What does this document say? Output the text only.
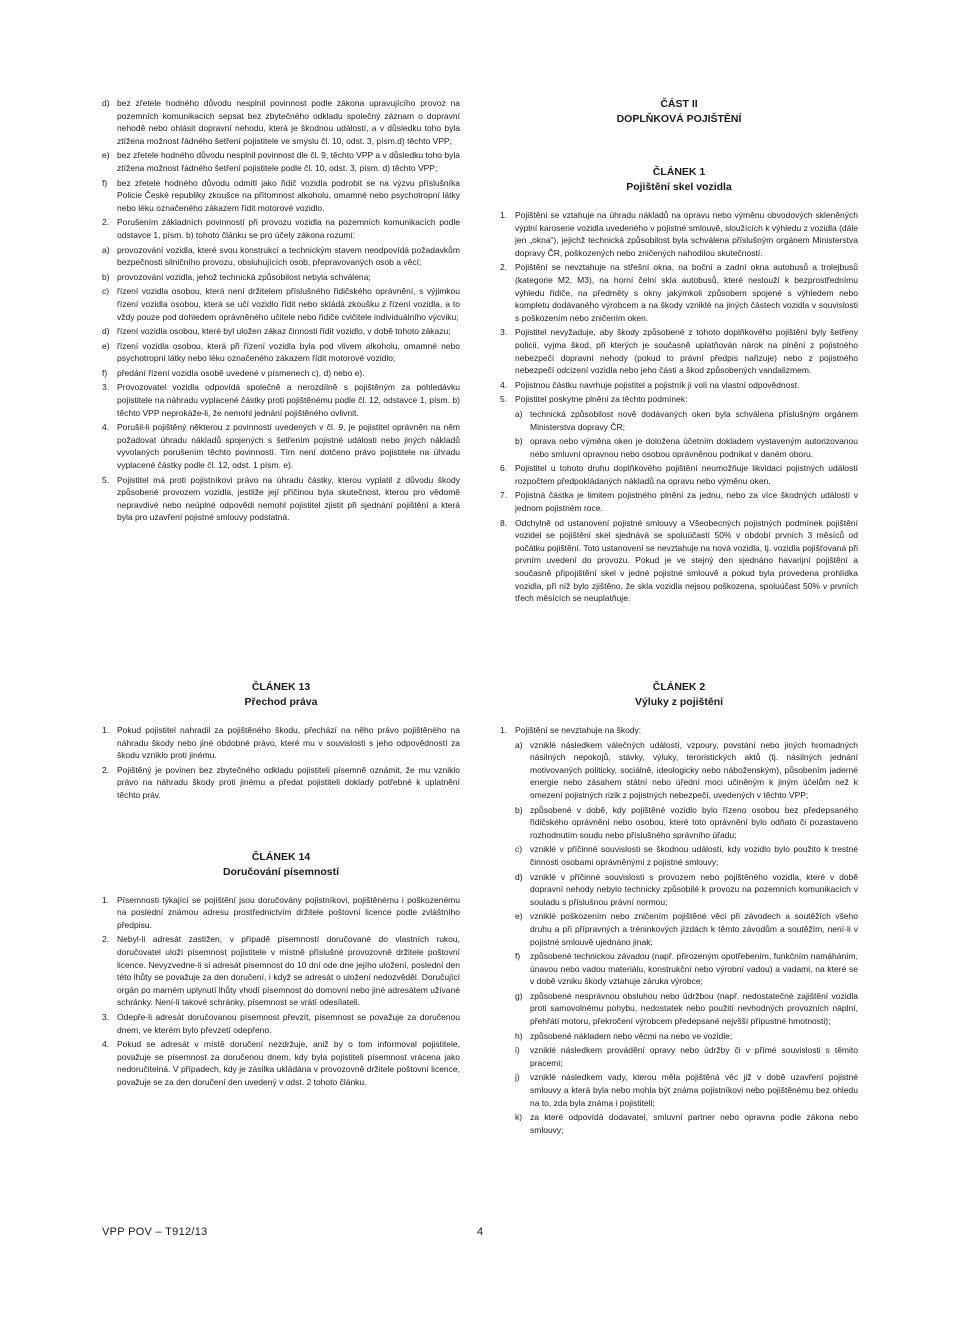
d) bez zřetele hodného důvodu nesplnil povinnost podle zákona upravujícího provoz na pozemních komunikacích sepsat bez zbytečného odkladu společný záznam o dopravní nehodě nebo ohlásit dopravní nehodu, která je škodnou událostí, a v důsledku toho byla ztížena možnost řádného šetření pojistitele ve smyslu čl. 10, odst. 3, písm.d) těchto VPP;
e) bez zřetele hodného důvodu nesplnil povinnost dle čl. 9, těchto VPP a v důsledku toho byla ztížena možnost řádného šetření pojistitele podle čl. 10, odst. 3, písm. d) těchto VPP;
f) bez zřetele hodného důvodu odmítl jako řidič vozidla podrobit se na výzvu příslušníka Policie České republiky zkoušce na přítomnost alkoholu, omamné nebo psychotropní látky nebo léku označeného zákazem řídit motorové vozidlo.
2. Porušením základních povinností při provozu vozidla na pozemních komunikacích podle odstavce 1, písm. b) tohoto článku se pro účely zákona rozumí:
a) provozování vozidla, které svou konstrukcí a technickým stavem neodpovídá požadavkům bezpečnosti silničního provozu, obsluhujících osob, přepravovaných osob a věcí;
b) provozování vozidla, jehož technická způsobilost nebyla schválena;
c) řízení vozidla osobou, která není držitelem příslušného řidičského oprávnění, s výjimkou řízení vozidla osobou, která se učí vozidlo řídit nebo skládá zkoušku z řízení vozidla, a to vždy pouze pod dohledem oprávněného učitele nebo řidiče cvičitele individuálního výcviku;
d) řízení vozidla osobou, které byl uložen zákaz činnosti řídit vozidlo, v době tohoto zákazu;
e) řízení vozidla osobou, která při řízení vozidla byla pod vlivem alkoholu, omamné nebo psychotropní látky nebo léku označeného zákazem řídit motorové vozidlo;
f) předání řízení vozidla osobě uvedené v písmenech c), d) nebo e).
3. Provozovatel vozidla odpovídá společně a nerozdílně s pojištěným za pohledávku pojistitele na náhradu vyplacené částky proti pojištěnému podle čl. 12, odstavce 1, písm. b) těchto VPP neprokáže-li, že nemohl jednání pojištěného ovlivnit.
4. Porušil-li pojištěný některou z povinností uvedených v čl. 9, je pojistitel oprávněn na něm požadovat úhradu nákladů spojených s šetřením pojistné události nebo jiných nákladů vyvolaných porušením těchto povinností. Tím není dotčeno právo pojistitele na úhradu vyplacené částky podle čl. 12, odst. 1 písm. e).
5. Pojistitel má proti pojistníkovi právo na úhradu částky, kterou vyplatil z důvodu škody způsobené provozem vozidla, jestliže její příčinou byla skutečnost, kterou pro vědomě nepravdivé nebo neúplné odpovědi nemohl pojistitel zjistit při sjednání pojištění a která byla pro uzavření pojistné smlouvy podstatná.

ČÁST II

DOPLŇKOVÁ POJIŠTĚNÍ

ČLÁNEK 1

Pojištění skel vozidla

1. Pojištění se vztahuje na úhradu nákladů na opravu nebo výměnu obvodových skleněných výplní karoserie vozidla uvedeného v pojistné smlouvě, sloužících k výhledu z vozidla (dále jen „okna“), jejichž technická způsobilost byla schválena příslušným orgánem Ministerstva dopravy ČR, poškozených nebo zničených nahodilou skutečností.
2. Pojištění se nevztahuje na střešní okna, na boční a zadní okna autobusů a trolejbusů (kategorie M2, M3), na horní čelní skla autobusů, které neslouží k bezprostřednímu výhledu řidiče, na předměty s okny jakýmkoli způsobem spojené s výhledem nebo kompletu dodávaného výrobcem a na škody vzniklé na jiných částech vozidla v souvislosti s poškozením nebo zničením oken.
3. Pojistitel nevyžaduje, aby škody způsobené z tohoto doplňkového pojištění byly šetřeny policií, vyjma škod, při kterých je současně uplatňován nárok na plnění z pojistného nebezpečí dopravní nehody (pokud to právní předpis nařizuje) nebo z pojistného nebezpečí odcizení vozidla nebo jeho části a škod způsobených vandalizmem.
4. Pojistnou částku navrhuje pojistitel a pojistník ji volí na vlastní odpovědnost.
5. Pojistitel poskytne plnění za těchto podmínek:
a) technická způsobilost nově dodávaných oken byla schválena příslušným orgánem Ministerstva dopravy ČR;
b) oprava nebo výměna oken je doložena účetním dokladem vystaveným autorizovanou nebo smluvní opravnou nebo osobou oprávněnou podnikat v daném oboru.
6. Pojistitel u tohoto druhu doplňkového pojištění neumožňuje likvidaci pojistných událostí rozpočtem předpokládaných nákladů na opravu nebo výměnu oken.
7. Pojistná částka je limitem pojistného plnění za jednu, nebo za více škodných událostí v jednom pojistném roce.
8. Odchylně od ustanovení pojistné smlouvy a Všeobecných pojistných podmínek pojištění vozidel se pojištění skel sjednává se spoluúčastí 50% v období prvních 3 měsíců od počátku pojištění. Toto ustanovení se nevztahuje na nová vozidla, tj. vozidla pojišťovaná při prvním uvedení do provozu. Pokud je ve stejný den sjednáno havarijní pojištění a současně připojištění skel v jedné pojistné smlouvě a pokud byla provedena prohlídka vozidla, při níž bylo zjištěno, že skla vozidla nejsou poškozena, spoluúčast 50% v prvních třech měsících se neuplatňuje.

ČLÁNEK 13

Přechod práva

1. Pokud pojistitel nahradil za pojištěného škodu, přechází na něho právo pojištěného na náhradu škody nebo jiné obdobné právo, které mu v souvislosti s jeho odpovědností za škodu vzniklo proti jinému.
2. Pojištěný je povinen bez zbytečného odkladu pojistiteli písemně oznámit, že mu vzniklo právo na náhradu škody proti jinému a předat pojistiteli doklady potřebné k uplatnění těchto práv.

ČLÁNEK 14

Doručování písemností

1. Písemnosti týkající se pojištění jsou doručovány pojistníkovi, pojištěnému i poškozenému na poslední známou adresu prostřednictvím držitele poštovní licence podle zvláštního předpisu.
2. Nebyl-li adresát zastižen, v případě písemností doručované do vlastních rukou, doručovatel uloží písemnost pojistitele v místně příslušné provozovně držitele poštovní licence. Nevyzvedne-li si adresát písemnost do 10 dní ode dne jejího uložení, poslední den této lhůty se považuje za den doručení, i když se adresát o uložení nedozvěděl. Doručující orgán po marném uplynutí lhůty vhodí písemnost do domovní nebo jiné adresátem užívané schránky. Není-li takové schránky, písemnost se vrátí odesílateli.
3. Odepře-li adresát doručovanou písemnost převzít, písemnost se považuje za doručenou dnem, ve kterém bylo převzetí odepřeno.
4. Pokud se adresát v místě doručení nezdržuje, aniž by o tom informoval pojistitele, považuje se písemnost za doručenou dnem, kdy byla pojistiteli písemnost vrácena jako nedoručitelná. V případech, kdy je zásilka ukládána v provozovně držitele poštovní licence, považuje se za den doručení den uvedený v odst. 2 tohoto článku.

ČLÁNEK 2

Výluky z pojištění

1. Pojištění se nevztahuje na škody:
a) vzniklé následkem válečných událostí, vzpoury, povstání nebo jiných hromadných násilných nepokojů, stávky, výluky, teroristických aktů (tj. násilných jednání motivovaných politicky, sociálně, ideologicky nebo náboženským), působením jaderné energie nebo zásahem státní nebo úřední moci učiněným k jiným účelům než k omezení pojistných rizik z pojistných nebezpečí, uvedených v těchto VPP;
b) způsobené v době, kdy pojištěné vozidlo bylo řízeno osobou bez předepsaného řidičského oprávnění nebo osobou, které toto oprávnění bylo odňato či pozastaveno rozhodnutím soudu nebo příslušného správního úřadu;
c) vzniklé v příčinné souvislosti se škodnou událostí, kdy vozidlo bylo použito k trestné činnosti osobami oprávněnými z pojistné smlouvy;
d) vzniklé v příčinné souvislosti s provozem nebo pojištěného vozidla, které v době dopravní nehody nebylo technicky způsobilé k provozu na pozemních komunikacích v souladu s příslušnou právní normou;
e) vzniklé poškozením nebo zničením pojištěné věci při závodech a soutěžích všeho druhu a při přípravných a tréninkových jízdách k těmto závodům a soutěžím, není-li v pojistné smlouvě ujednáno jinak;
f) způsobené technickou závadou (např. přirozeným opotřebením, funkčním namáháním, únavou nebo vadou materiálu, konstrukční nebo výrobní vadou) a vadami, na které se v době vzniku škody vztahuje záruka výrobce;
g) způsobené nesprávnou obsluhou nebo údržbou (např. nedostatečné zajištění vozidla proti samovolnému pohybu, nedostatek nebo použití nevhodných provozních náplní, přehřátí motoru, překročení výrobcem předepsané nejvšší přípustné hmotnosti);
h) způsobené nákladem nebo věcmi na nebo ve vozidle;
i) vzniklé následkem provádění opravy nebo údržby či v přímé souvislosti s těmito pracemi;
j) vzniklé následkem vady, kterou měla pojištěná věc již v době uzavření pojistné smlouvy a která byla nebo mohla být známa pojistníkovi nebo pojištěnému bez ohledu na to, zda byla známa i pojistiteli;
k) za které odpovídá dodavatel, smluvní partner nebo opravna podle zákona nebo smlouvy;
VPP POV – T912/13	4
